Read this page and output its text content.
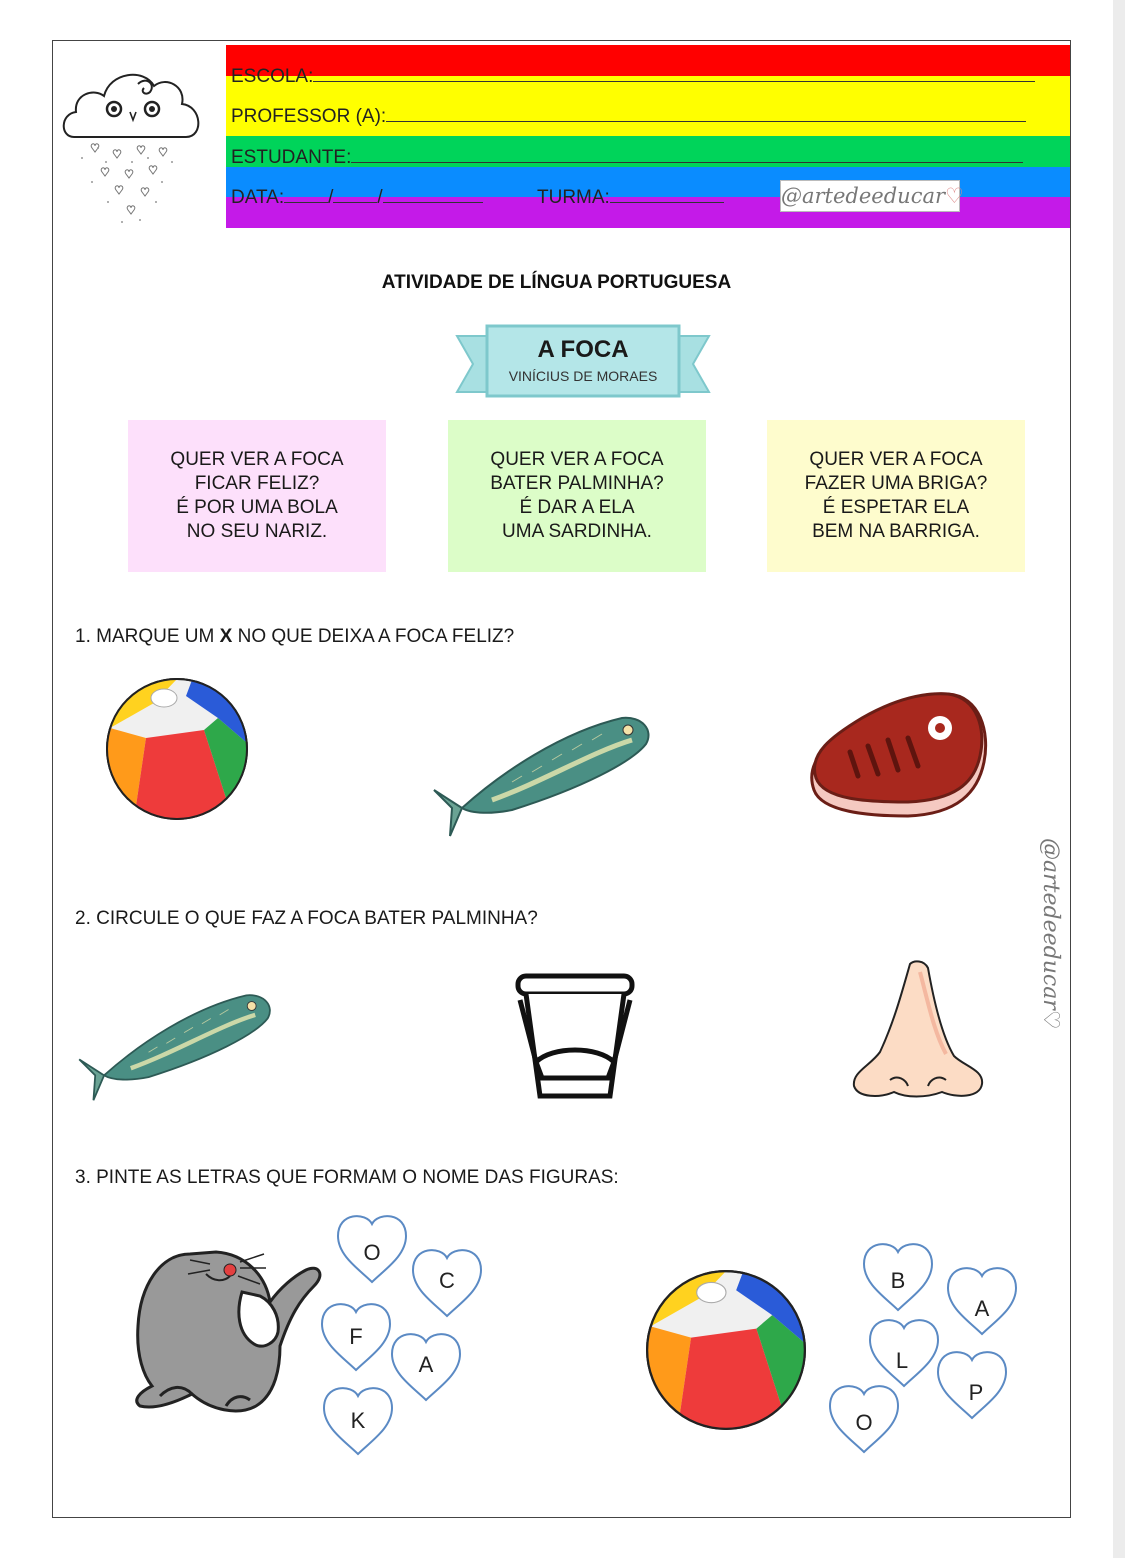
ESCOLA:
PROFESSOR (A):
ESTUDANTE:
DATA: / /	TURMA:	@artedeeducar♡
ATIVIDADE DE LÍNGUA PORTUGUESA
A FOCA
VINÍCIUS DE MORAES
QUER VER A FOCA
FICAR FELIZ?
É POR UMA BOLA
NO SEU NARIZ.
QUER VER A FOCA
BATER PALMINHA?
É DAR A ELA
UMA SARDINHA.
QUER VER A FOCA
FAZER UMA BRIGA?
É ESPETAR ELA
BEM NA BARRIGA.
1. MARQUE UM X NO QUE DEIXA A FOCA FELIZ?
@artedeeducar♡
2. CIRCULE O QUE FAZ A FOCA BATER PALMINHA?
3. PINTE AS LETRAS QUE FORMAM O NOME DAS FIGURAS:
O
C
F
A
K
B
A
L
P
O
